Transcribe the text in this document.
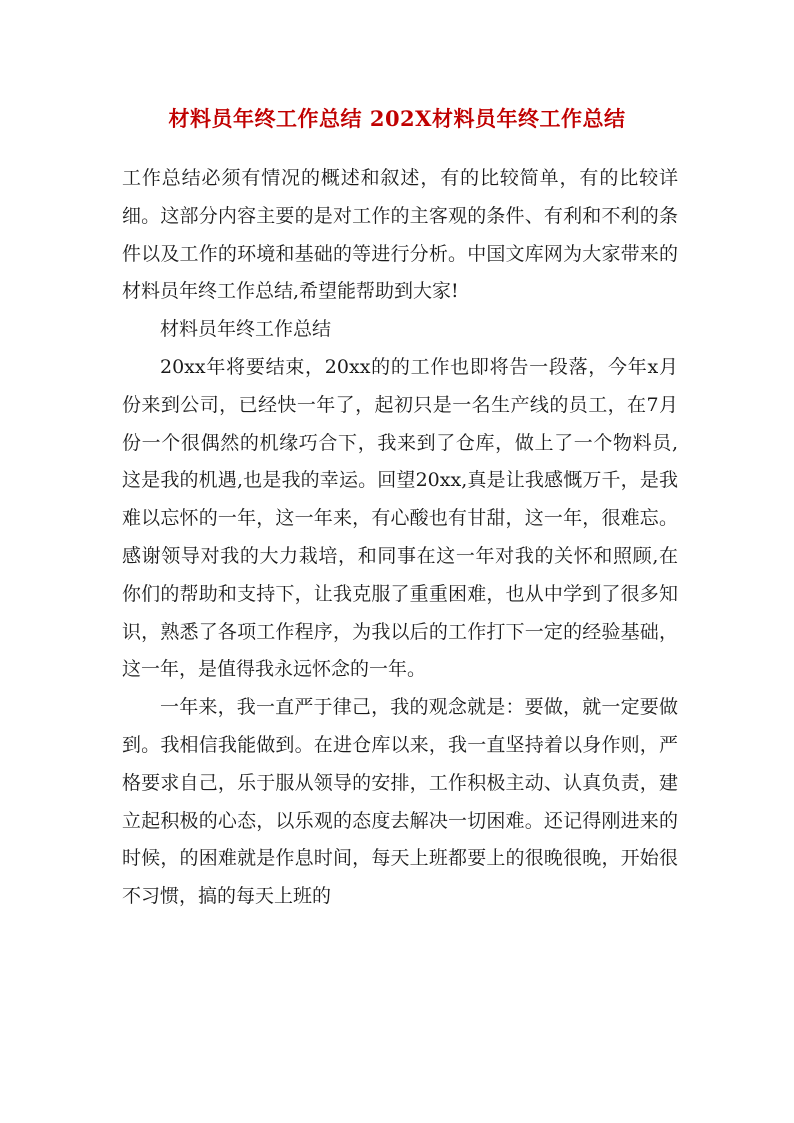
材料员年终工作总结 202X材料员年终工作总结

工作总结必须有情况的概述和叙述，有的比较简单，有的比较详细。这部分内容主要的是对工作的主客观的条件、有利和不利的条件以及工作的环境和基础的等进行分析。中国文库网为大家带来的材料员年终工作总结,希望能帮助到大家!

材料员年终工作总结

20xx年将要结束，20xx的的工作也即将告一段落，今年x月份来到公司，已经快一年了，起初只是一名生产线的员工，在7月份一个很偶然的机缘巧合下，我来到了仓库，做上了一个物料员,这是我的机遇,也是我的幸运。回望20xx,真是让我感慨万千，是我难以忘怀的一年，这一年来，有心酸也有甘甜，这一年，很难忘。感谢领导对我的大力栽培，和同事在这一年对我的关怀和照顾,在你们的帮助和支持下，让我克服了重重困难，也从中学到了很多知识，熟悉了各项工作程序，为我以后的工作打下一定的经验基础，这一年，是值得我永远怀念的一年。

一年来，我一直严于律己，我的观念就是：要做，就一定要做到。我相信我能做到。在进仓库以来，我一直坚持着以身作则，严格要求自己，乐于服从领导的安排，工作积极主动、认真负责，建立起积极的心态，以乐观的态度去解决一切困难。还记得刚进来的时候，的困难就是作息时间，每天上班都要上的很晚很晚，开始很不习惯，搞的每天上班的
